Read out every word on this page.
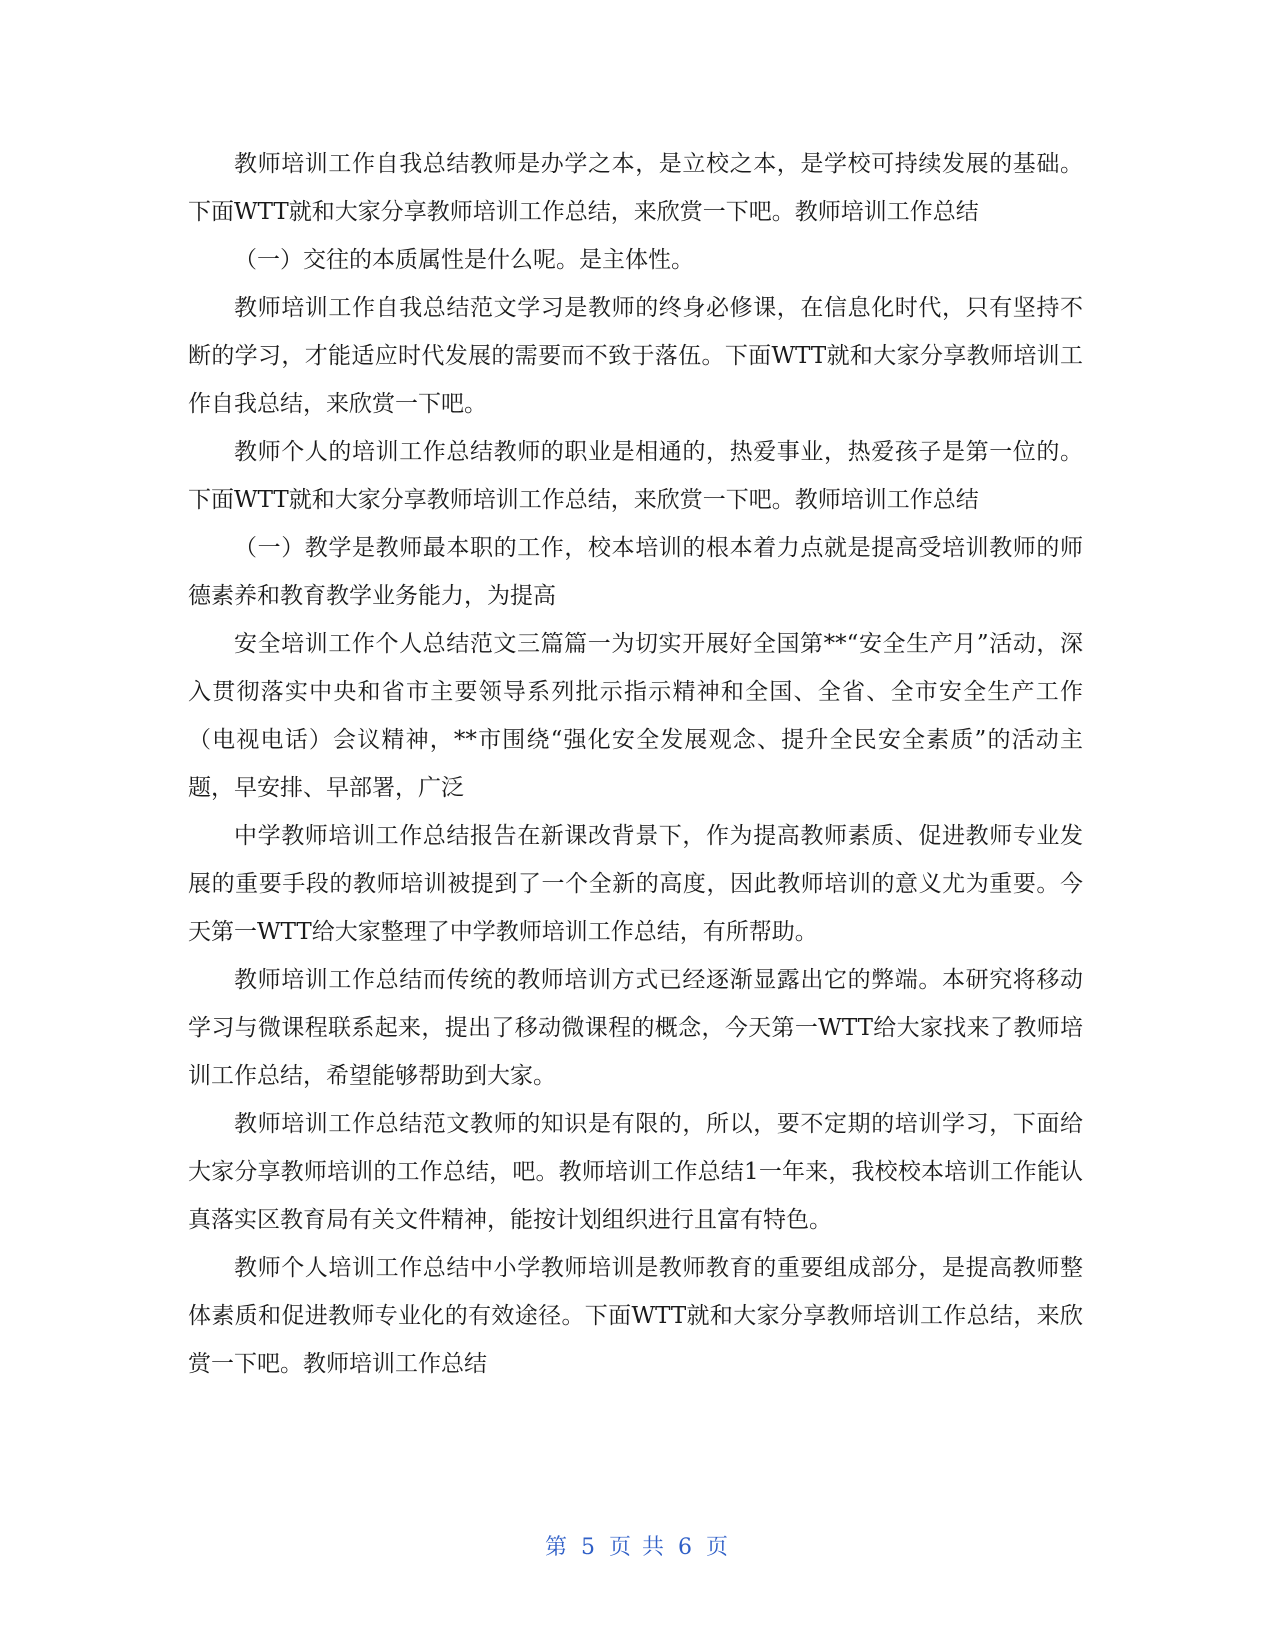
教师培训工作自我总结教师是办学之本，是立校之本，是学校可持续发展的基础。下面WTT就和大家分享教师培训工作总结，来欣赏一下吧。教师培训工作总结

（一）交往的本质属性是什么呢。是主体性。

教师培训工作自我总结范文学习是教师的终身必修课，在信息化时代，只有坚持不断的学习，才能适应时代发展的需要而不致于落伍。下面WTT就和大家分享教师培训工作自我总结，来欣赏一下吧。

教师个人的培训工作总结教师的职业是相通的，热爱事业，热爱孩子是第一位的。下面WTT就和大家分享教师培训工作总结，来欣赏一下吧。教师培训工作总结

（一）教学是教师最本职的工作，校本培训的根本着力点就是提高受培训教师的师德素养和教育教学业务能力，为提高

安全培训工作个人总结范文三篇篇一为切实开展好全国第**“安全生产月”活动，深入贯彻落实中央和省市主要领导系列批示指示精神和全国、全省、全市安全生产工作（电视电话）会议精神，**市围绕“强化安全发展观念、提升全民安全素质”的活动主题，早安排、早部署，广泛

中学教师培训工作总结报告在新课改背景下，作为提高教师素质、促进教师专业发展的重要手段的教师培训被提到了一个全新的高度，因此教师培训的意义尤为重要。今天第一WTT给大家整理了中学教师培训工作总结，有所帮助。

教师培训工作总结而传统的教师培训方式已经逐渐显露出它的弊端。本研究将移动学习与微课程联系起来，提出了移动微课程的概念，今天第一WTT给大家找来了教师培训工作总结，希望能够帮助到大家。

教师培训工作总结范文教师的知识是有限的，所以，要不定期的培训学习，下面给大家分享教师培训的工作总结，吧。教师培训工作总结1一年来，我校校本培训工作能认真落实区教育局有关文件精神，能按计划组织进行且富有特色。

教师个人培训工作总结中小学教师培训是教师教育的重要组成部分，是提高教师整体素质和促进教师专业化的有效途径。下面WTT就和大家分享教师培训工作总结，来欣赏一下吧。教师培训工作总结

第 5 页 共 6 页
